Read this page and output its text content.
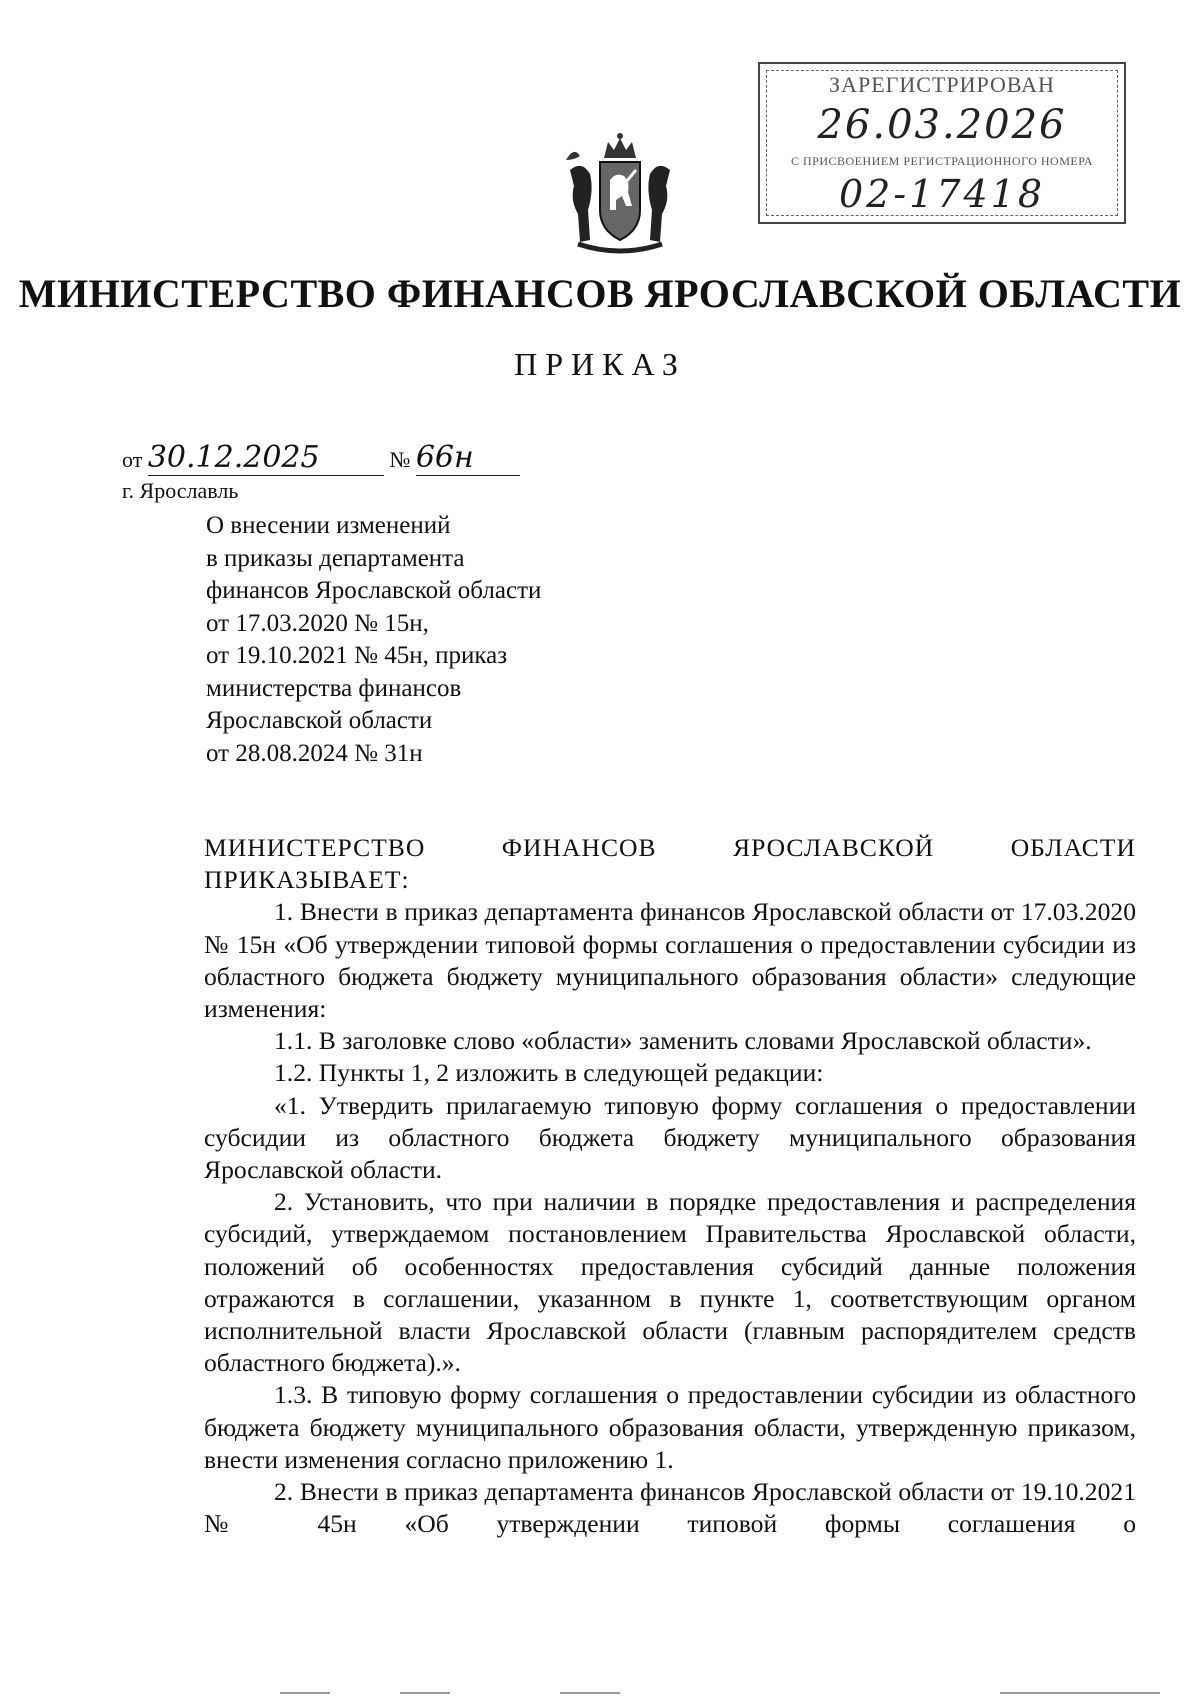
ЗАРЕГИСТРИРОВАН
26.03.2026
С ПРИСВОЕНИЕМ РЕГИСТРАЦИОННОГО НОМЕРА
02-17418
МИНИСТЕРСТВО ФИНАНСОВ ЯРОСЛАВСКОЙ ОБЛАСТИ
ПРИКАЗ
от 30.12.2025	№ 66н
г. Ярославль
О внесении изменений
в приказы департамента
финансов Ярославской области
от 17.03.2020 № 15н,
от 19.10.2021 № 45н, приказ
министерства финансов
Ярославской области
от 28.08.2024 № 31н

МИНИСТЕРСТВО ФИНАНСОВ ЯРОСЛАВСКОЙ ОБЛАСТИ ПРИКАЗЫВАЕТ:

1. Внести в приказ департамента финансов Ярославской области от 17.03.2020 № 15н «Об утверждении типовой формы соглашения о предоставлении субсидии из областного бюджета бюджету муниципального образования области» следующие изменения:

1.1. В заголовке слово «области» заменить словами Ярославской области».

1.2. Пункты 1, 2 изложить в следующей редакции:

«1. Утвердить прилагаемую типовую форму соглашения о предоставлении субсидии из областного бюджета бюджету муниципального образования Ярославской области.

2. Установить, что при наличии в порядке предоставления и распределения субсидий, утверждаемом постановлением Правительства Ярославской области, положений об особенностях предоставления субсидий данные положения отражаются в соглашении, указанном в пункте 1, соответствующим органом исполнительной власти Ярославской области (главным распорядителем средств областного бюджета).».

1.3. В типовую форму соглашения о предоставлении субсидии из областного бюджета бюджету муниципального образования области, утвержденную приказом, внести изменения согласно приложению 1.

2. Внести в приказ департамента финансов Ярославской области от 19.10.2021 № 45н «Об утверждении типовой формы соглашения о
